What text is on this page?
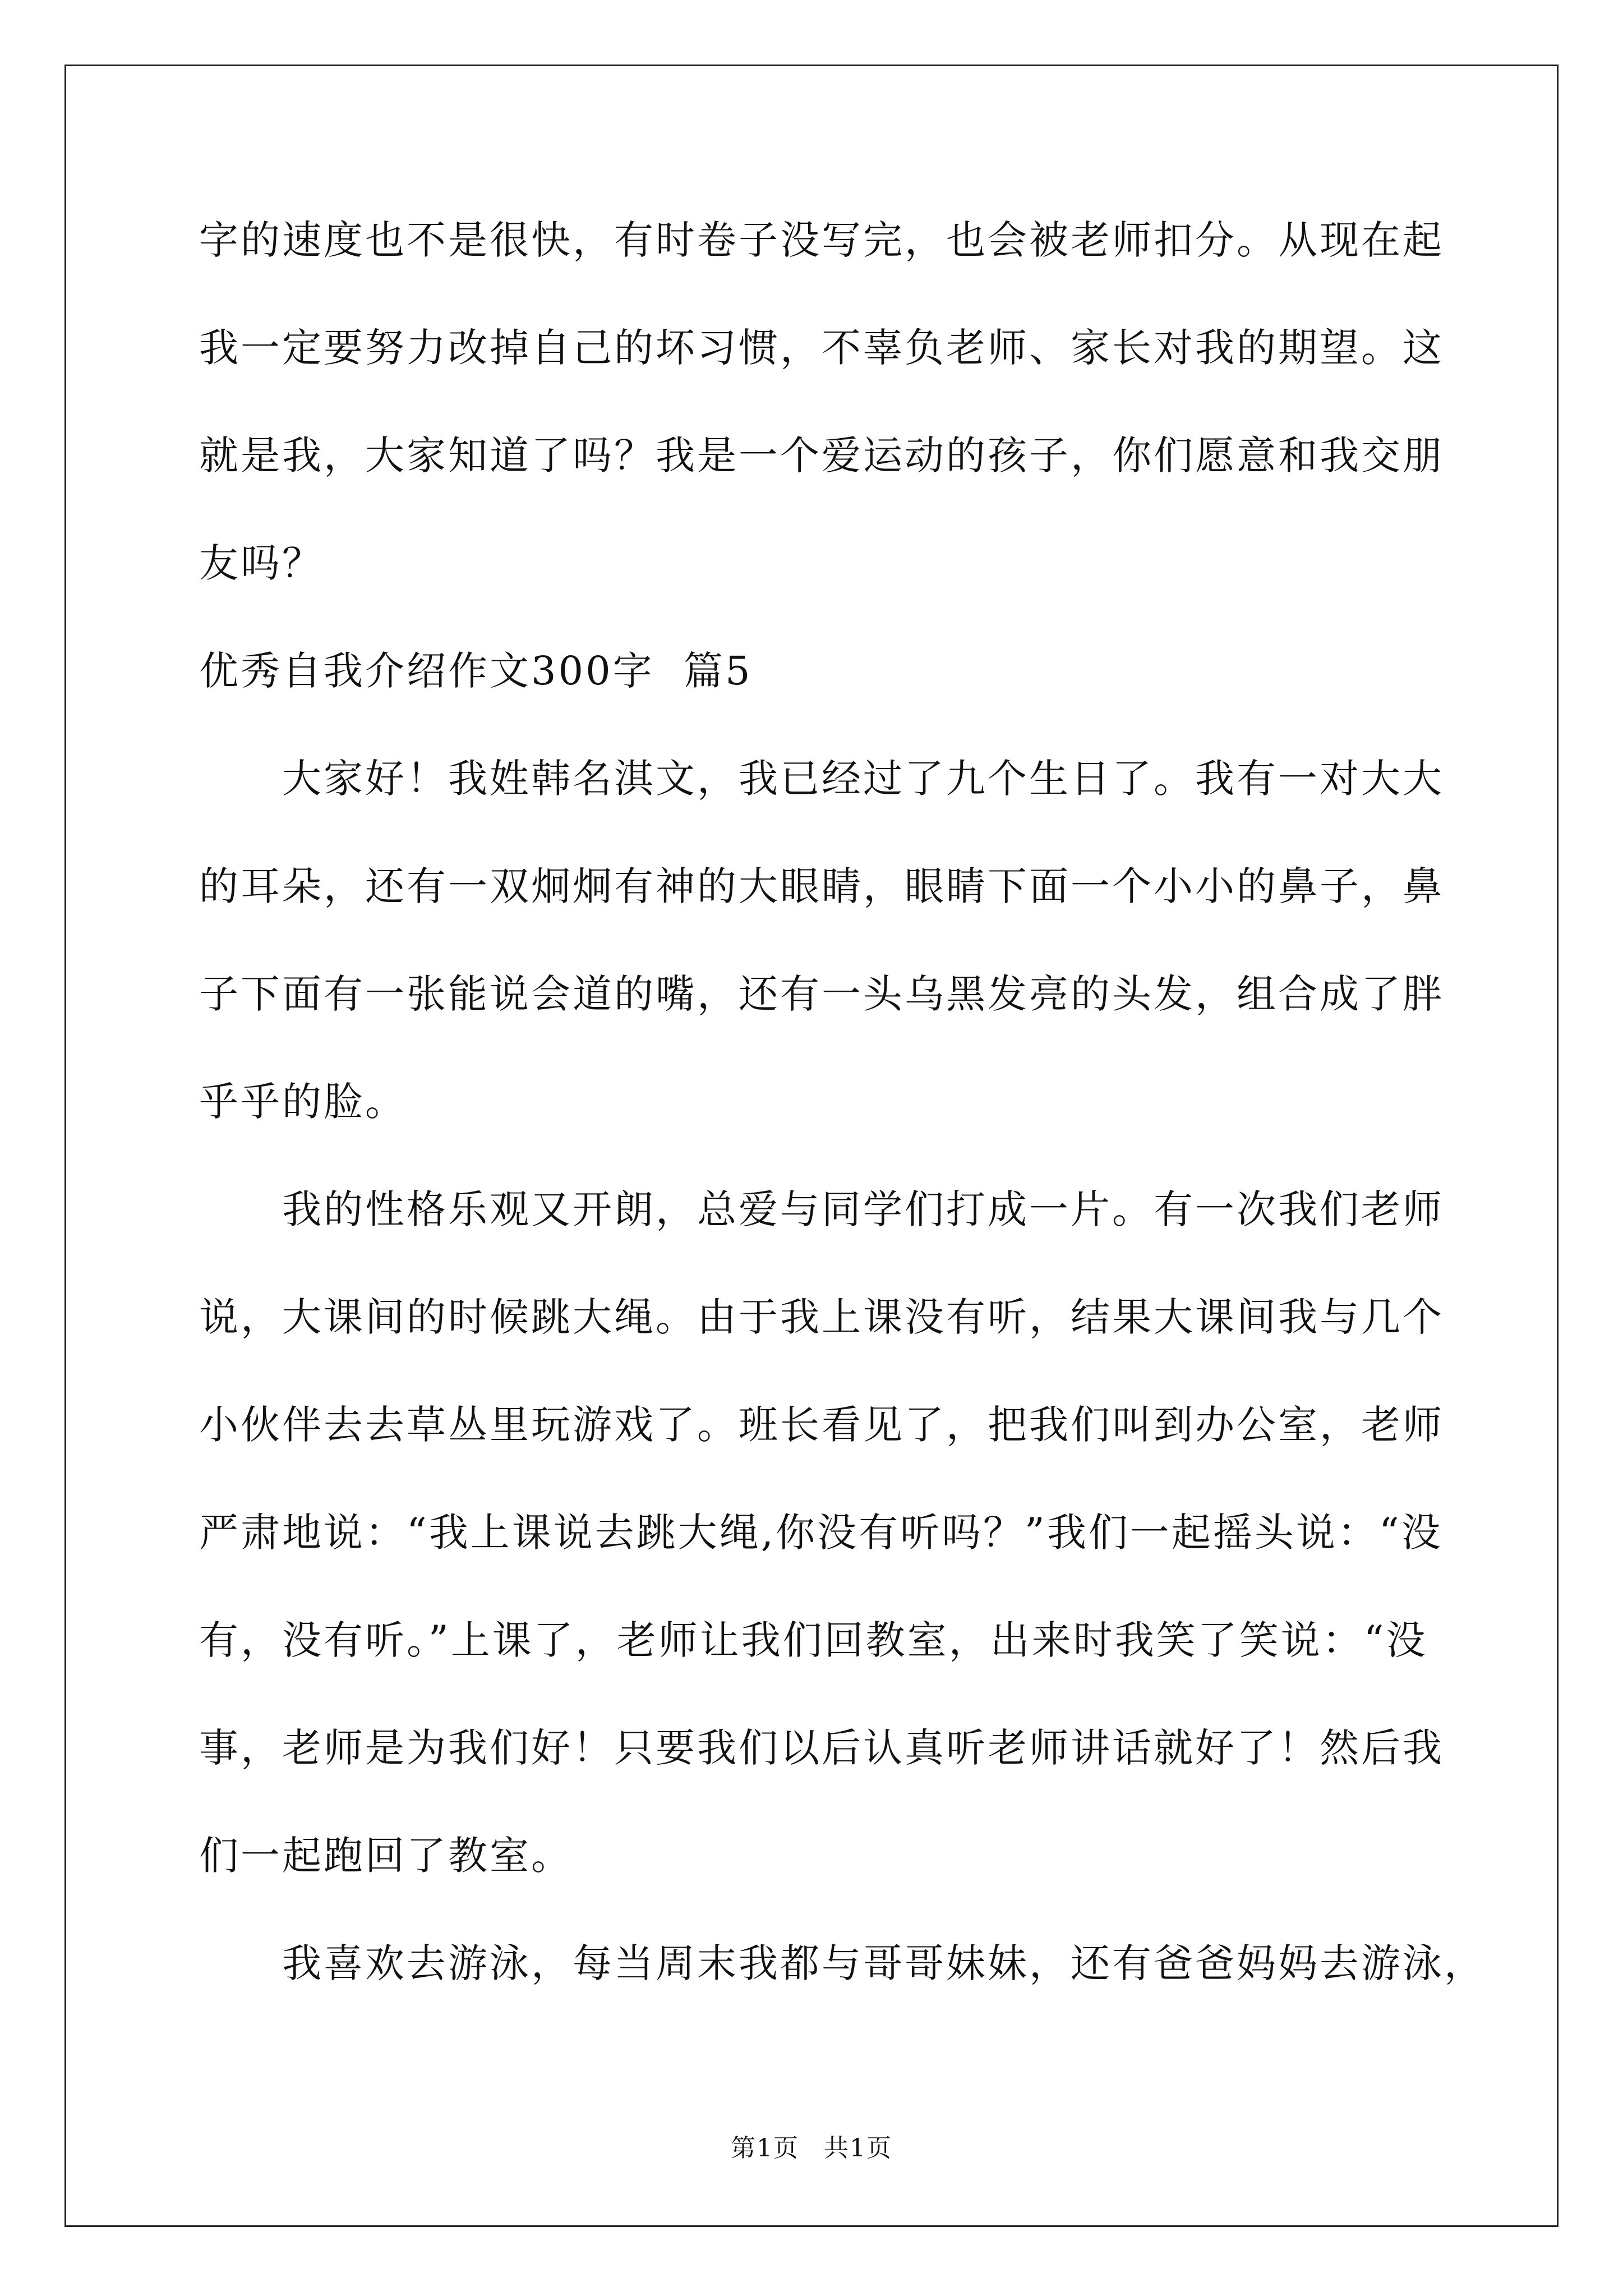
字的速度也不是很快，有时卷子没写完，也会被老师扣分。从现在起

我一定要努力改掉自己的坏习惯，不辜负老师、家长对我的期望。这

就是我，大家知道了吗？我是一个爱运动的孩子，你们愿意和我交朋

友吗？

优秀自我介绍作文300字  篇5

大家好！我姓韩名淇文，我已经过了九个生日了。我有一对大大

的耳朵，还有一双炯炯有神的大眼睛，眼睛下面一个小小的鼻子，鼻

子下面有一张能说会道的嘴，还有一头乌黑发亮的头发，组合成了胖

乎乎的脸。

我的性格乐观又开朗，总爱与同学们打成一片。有一次我们老师

说，大课间的时候跳大绳。由于我上课没有听，结果大课间我与几个

小伙伴去去草丛里玩游戏了。班长看见了，把我们叫到办公室，老师

严肃地说：“我上课说去跳大绳,你没有听吗？”我们一起摇头说：“没

有，没有听。”上课了，老师让我们回教室，出来时我笑了笑说：“没

事，老师是为我们好！只要我们以后认真听老师讲话就好了！然后我

们一起跑回了教室。

我喜欢去游泳，每当周末我都与哥哥妹妹，还有爸爸妈妈去游泳，

第1页 共1页
